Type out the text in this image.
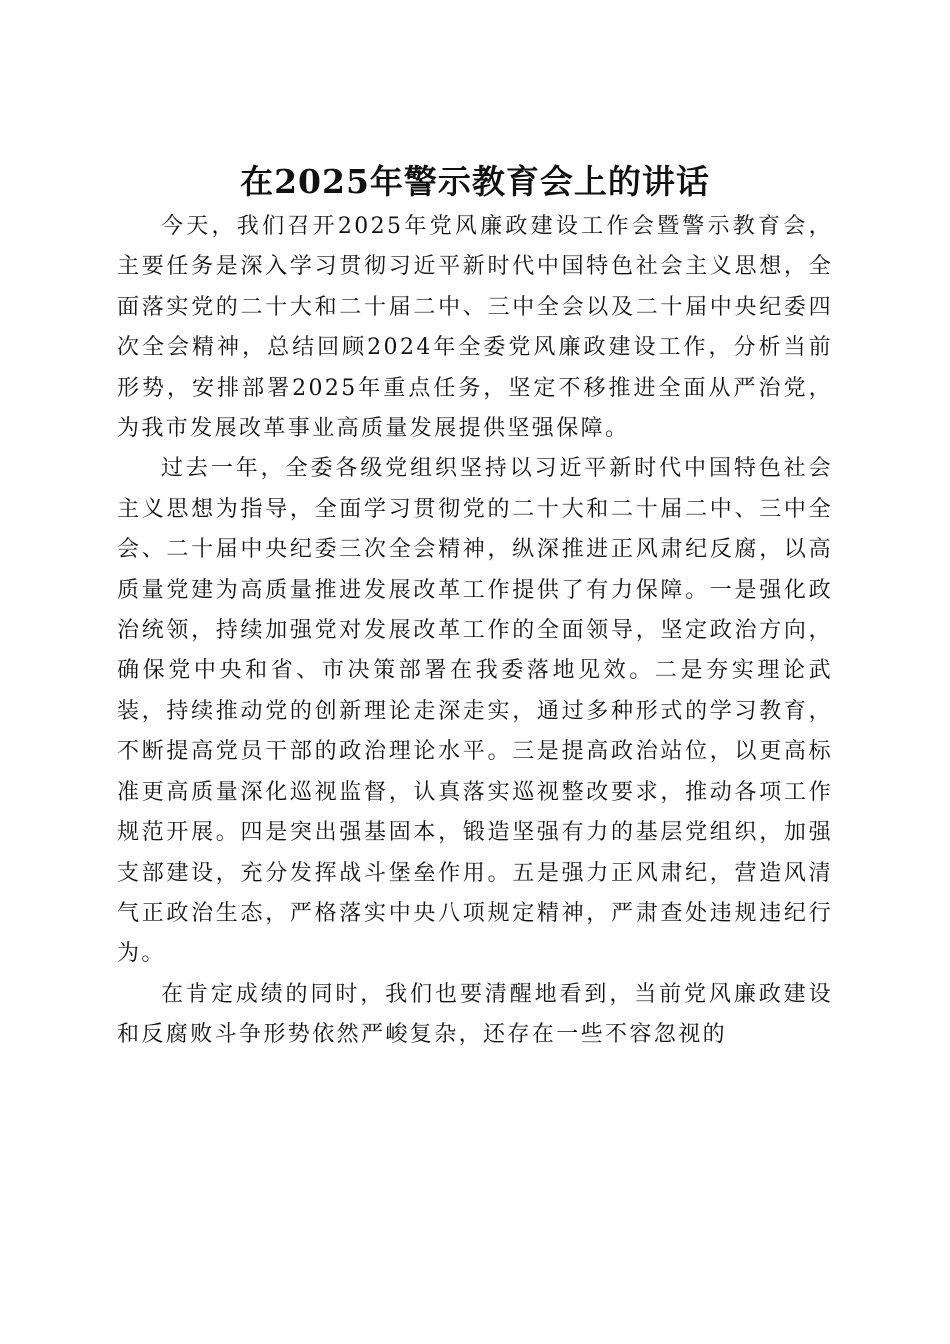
在2025年警示教育会上的讲话

今天，我们召开2025年党风廉政建设工作会暨警示教育会，主要任务是深入学习贯彻习近平新时代中国特色社会主义思想，全面落实党的二十大和二十届二中、三中全会以及二十届中央纪委四次全会精神，总结回顾2024年全委党风廉政建设工作，分析当前形势，安排部署2025年重点任务，坚定不移推进全面从严治党，为我市发展改革事业高质量发展提供坚强保障。

过去一年，全委各级党组织坚持以习近平新时代中国特色社会主义思想为指导，全面学习贯彻党的二十大和二十届二中、三中全会、二十届中央纪委三次全会精神，纵深推进正风肃纪反腐，以高质量党建为高质量推进发展改革工作提供了有力保障。一是强化政治统领，持续加强党对发展改革工作的全面领导，坚定政治方向，确保党中央和省、市决策部署在我委落地见效。二是夯实理论武装，持续推动党的创新理论走深走实，通过多种形式的学习教育，不断提高党员干部的政治理论水平。三是提高政治站位，以更高标准更高质量深化巡视监督，认真落实巡视整改要求，推动各项工作规范开展。四是突出强基固本，锻造坚强有力的基层党组织，加强支部建设，充分发挥战斗堡垒作用。五是强力正风肃纪，营造风清气正政治生态，严格落实中央八项规定精神，严肃查处违规违纪行为。

在肯定成绩的同时，我们也要清醒地看到，当前党风廉政建设和反腐败斗争形势依然严峻复杂，还存在一些不容忽视的
